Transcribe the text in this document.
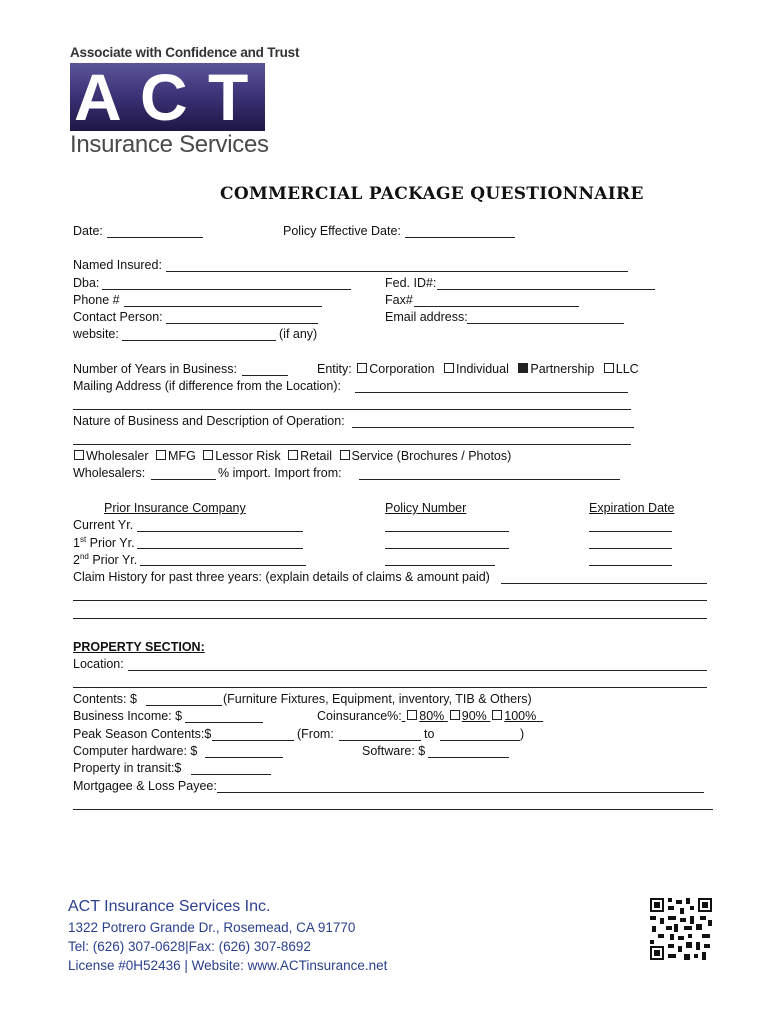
Associate with Confidence and Trust
A C T
Insurance Services
COMMERCIAL PACKAGE QUESTIONNAIRE
Date:	Policy Effective Date:
Named Insured:
Dba:	Fed. ID#:
Phone #	Fax#
Contact Person:	Email address:
website:	(if any)
Number of Years in Business:	Entity: Corporation Individual Partnership LLC
Mailing Address (if difference from the Location):
Nature of Business and Description of Operation:
Wholesaler MFG Lessor Risk Retail Service (Brochures / Photos)
Wholesalers:	% import. Import from:
Prior Insurance Company	Policy Number	Expiration Date
Current Yr.
1st Prior Yr.
2nd Prior Yr.
Claim History for past three years: (explain details of claims & amount paid)
PROPERTY SECTION:
Location:
Contents: $	(Furniture Fixtures, Equipment, inventory, TIB & Others)
Business Income: $	Coinsurance%: 80% 90% 100%
Peak Season Contents:$	(From:	to	)
Computer hardware: $	Software: $
Property in transit:$
Mortgagee & Loss Payee:
ACT Insurance Services Inc.
1322 Potrero Grande Dr., Rosemead, CA 91770
Tel: (626) 307-0628|Fax: (626) 307-8692
License #0H52436 | Website: www.ACTinsurance.net
